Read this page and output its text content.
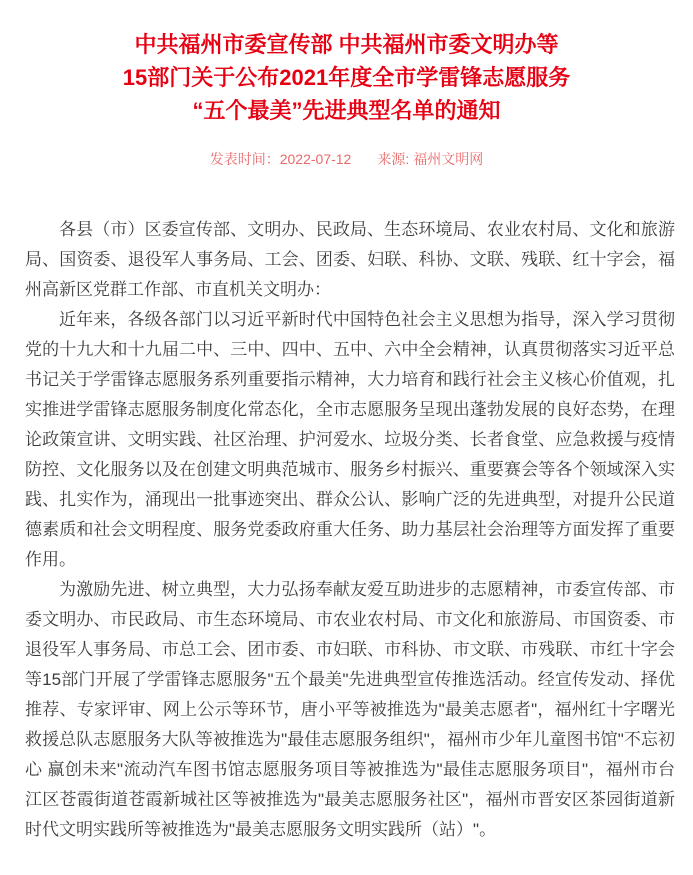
中共福州市委宣传部 中共福州市委文明办等
15部门关于公布2021年度全市学雷锋志愿服务
“五个最美”先进典型名单的通知
发表时间：2022-07-12 来源: 福州文明网

各县（市）区委宣传部、文明办、民政局、生态环境局、农业农村局、文化和旅游局、国资委、退役军人事务局、工会、团委、妇联、科协、文联、残联、红十字会，福州高新区党群工作部、市直机关文明办：

近年来，各级各部门以习近平新时代中国特色社会主义思想为指导，深入学习贯彻党的十九大和十九届二中、三中、四中、五中、六中全会精神，认真贯彻落实习近平总书记关于学雷锋志愿服务系列重要指示精神，大力培育和践行社会主义核心价值观，扎实推进学雷锋志愿服务制度化常态化，全市志愿服务呈现出蓬勃发展的良好态势，在理论政策宣讲、文明实践、社区治理、护河爱水、垃圾分类、长者食堂、应急救援与疫情防控、文化服务以及在创建文明典范城市、服务乡村振兴、重要赛会等各个领域深入实践、扎实作为，涌现出一批事迹突出、群众公认、影响广泛的先进典型，对提升公民道德素质和社会文明程度、服务党委政府重大任务、助力基层社会治理等方面发挥了重要作用。

为激励先进、树立典型，大力弘扬奉献友爱互助进步的志愿精神，市委宣传部、市委文明办、市民政局、市生态环境局、市农业农村局、市文化和旅游局、市国资委、市退役军人事务局、市总工会、团市委、市妇联、市科协、市文联、市残联、市红十字会等15部门开展了学雷锋志愿服务"五个最美"先进典型宣传推选活动。经宣传发动、择优推荐、专家评审、网上公示等环节，唐小平等被推选为"最美志愿者"，福州红十字曙光救援总队志愿服务大队等被推选为"最佳志愿服务组织"，福州市少年儿童图书馆"不忘初心 赢创未来"流动汽车图书馆志愿服务项目等被推选为"最佳志愿服务项目"，福州市台江区苍霞街道苍霞新城社区等被推选为"最美志愿服务社区"，福州市晋安区茶园街道新时代文明实践所等被推选为"最美志愿服务文明实践所（站）"。
